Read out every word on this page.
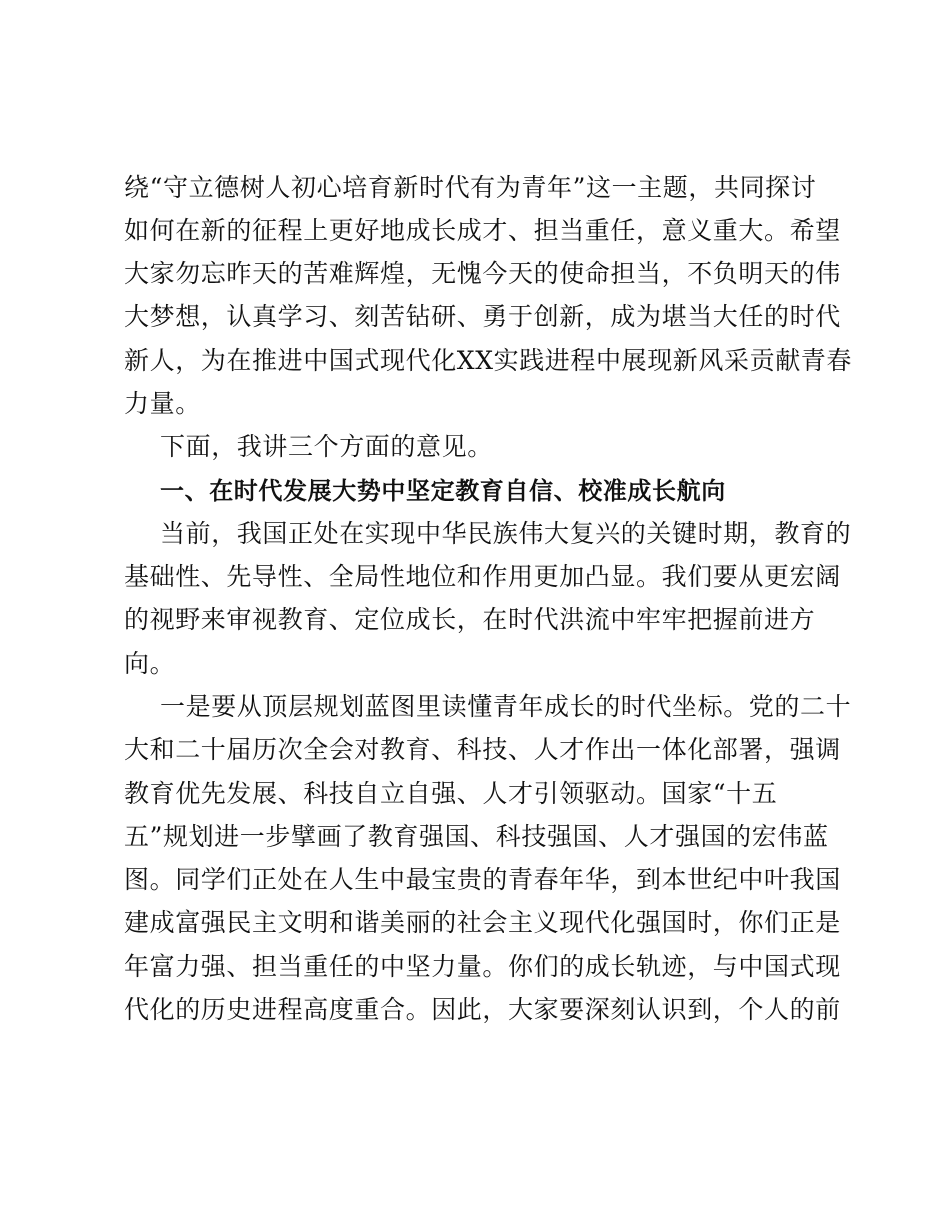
绕“守立德树人初心培育新时代有为青年”这一主题，共同探讨
如何在新的征程上更好地成长成才、担当重任，意义重大。希望
大家勿忘昨天的苦难辉煌，无愧今天的使命担当，不负明天的伟
大梦想，认真学习、刻苦钻研、勇于创新，成为堪当大任的时代
新人，为在推进中国式现代化XX实践进程中展现新风采贡献青春
力量。
下面，我讲三个方面的意见。
一、在时代发展大势中坚定教育自信、校准成长航向
当前，我国正处在实现中华民族伟大复兴的关键时期，教育的
基础性、先导性、全局性地位和作用更加凸显。我们要从更宏阔
的视野来审视教育、定位成长，在时代洪流中牢牢把握前进方
向。
一是要从顶层规划蓝图里读懂青年成长的时代坐标。党的二十
大和二十届历次全会对教育、科技、人才作出一体化部署，强调
教育优先发展、科技自立自强、人才引领驱动。国家“十五
五”规划进一步擘画了教育强国、科技强国、人才强国的宏伟蓝
图。同学们正处在人生中最宝贵的青春年华，到本世纪中叶我国
建成富强民主文明和谐美丽的社会主义现代化强国时，你们正是
年富力强、担当重任的中坚力量。你们的成长轨迹，与中国式现
代化的历史进程高度重合。因此，大家要深刻认识到，个人的前
